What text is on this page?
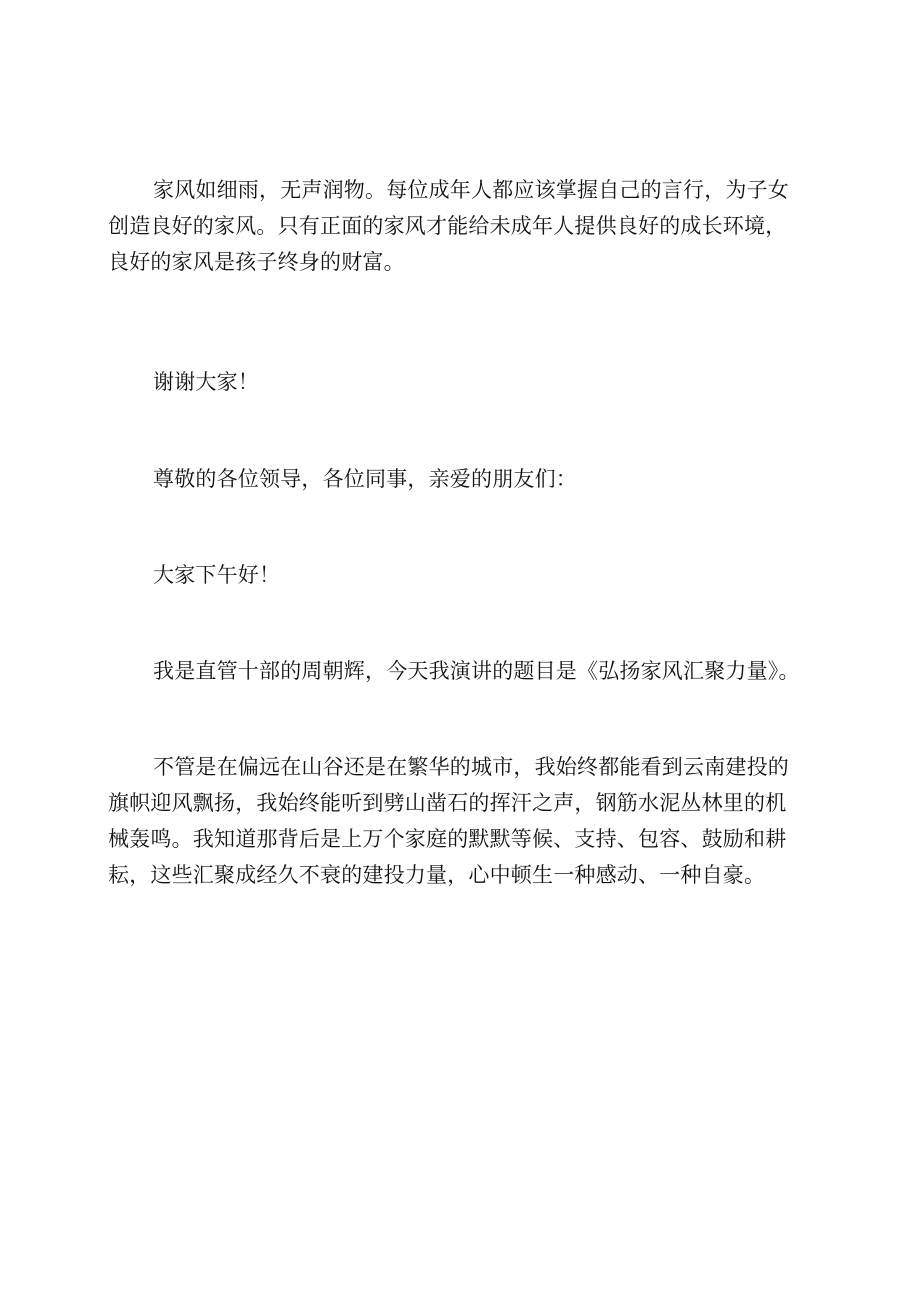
家风如细雨，无声润物。每位成年人都应该掌握自己的言行，为子女
创造良好的家风。只有正面的家风才能给未成年人提供良好的成长环境，
良好的家风是孩子终身的财富。

谢谢大家！

尊敬的各位领导，各位同事，亲爱的朋友们：

大家下午好！

我是直管十部的周朝辉，今天我演讲的题目是《弘扬家风汇聚力量》。

不管是在偏远在山谷还是在繁华的城市，我始终都能看到云南建投的
旗帜迎风飘扬，我始终能听到劈山凿石的挥汗之声，钢筋水泥丛林里的机
械轰鸣。我知道那背后是上万个家庭的默默等候、支持、包容、鼓励和耕
耘，这些汇聚成经久不衰的建投力量，心中顿生一种感动、一种自豪。
